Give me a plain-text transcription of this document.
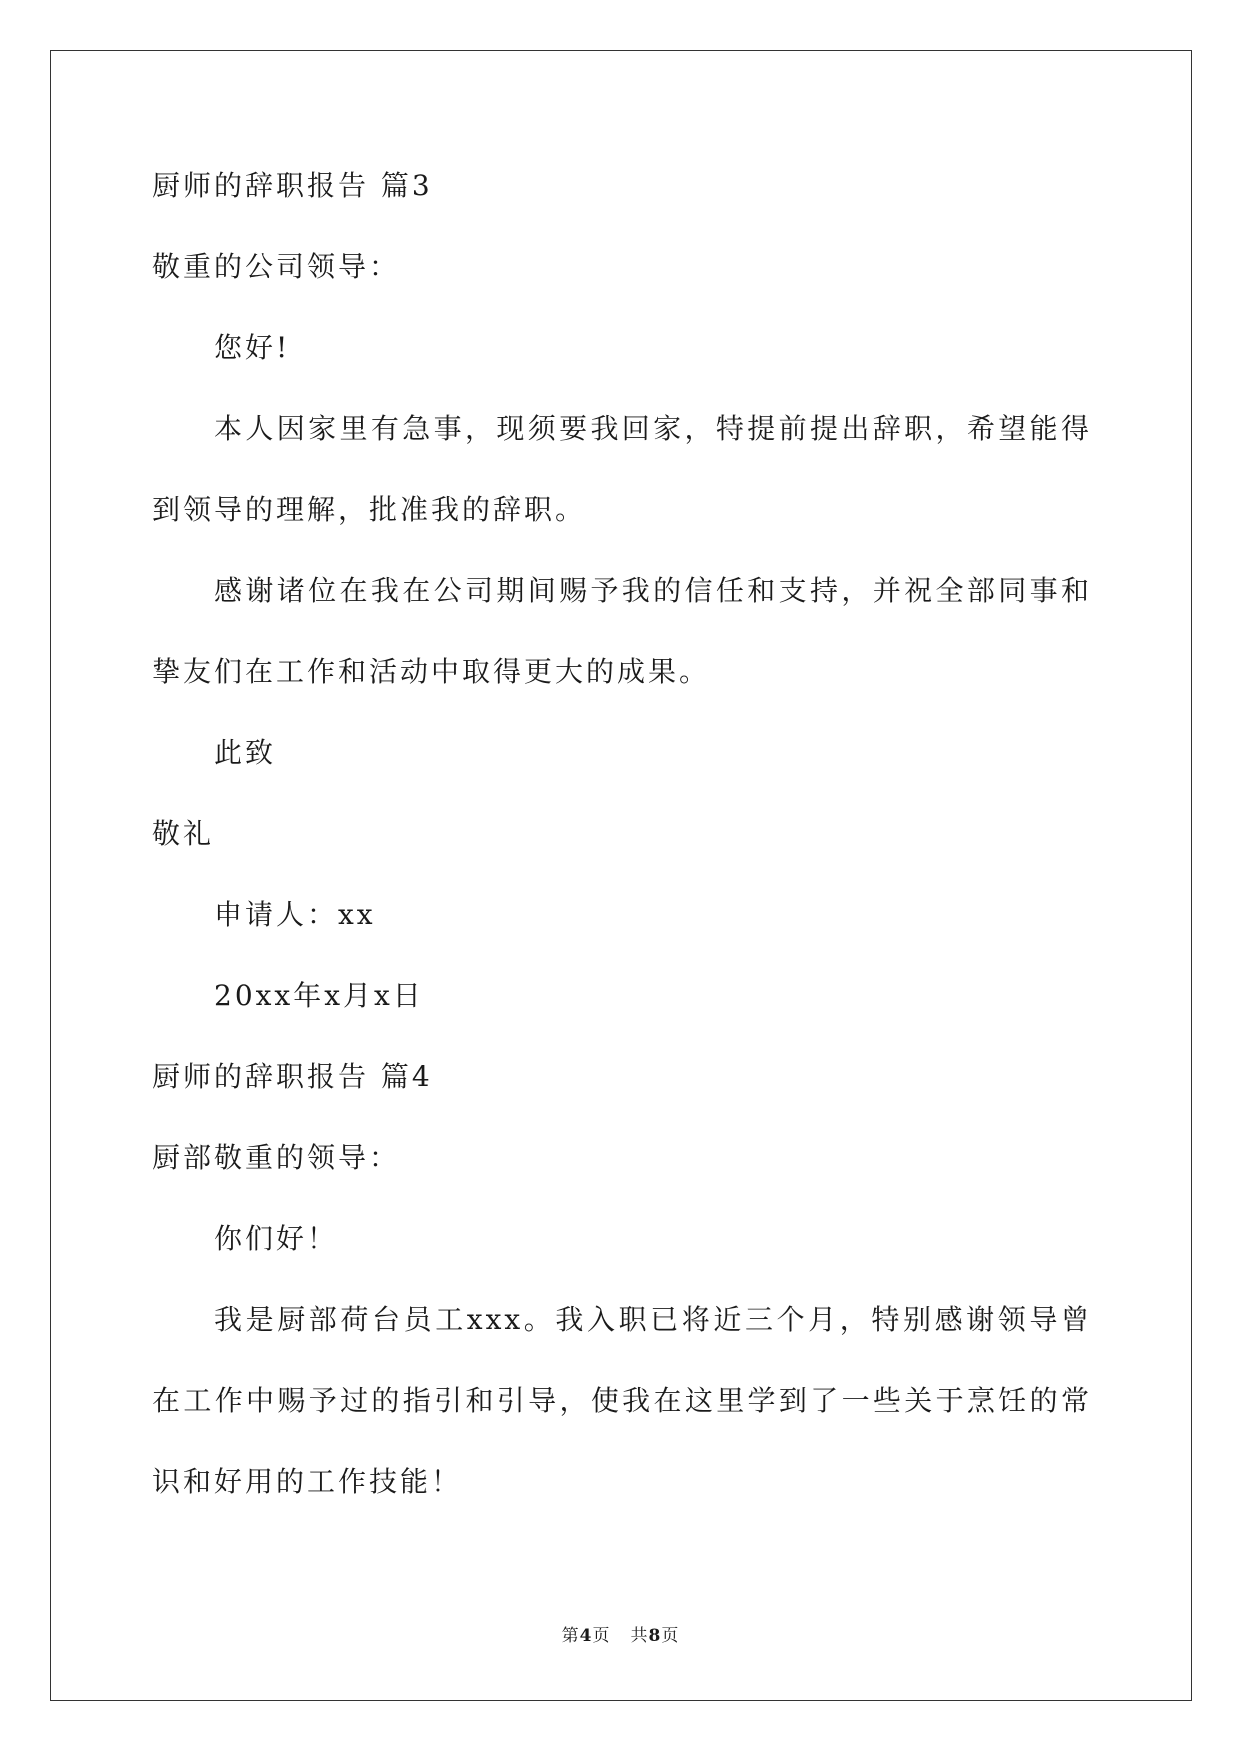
厨师的辞职报告 篇3
敬重的公司领导：
您好!
本人因家里有急事，现须要我回家，特提前提出辞职，希望能得到领导的理解，批准我的辞职。
感谢诸位在我在公司期间赐予我的信任和支持，并祝全部同事和挚友们在工作和活动中取得更大的成果。
此致
敬礼
申请人：xx
20xx年x月x日
厨师的辞职报告 篇4
厨部敬重的领导：
你们好！
我是厨部荷台员工xxx。我入职已将近三个月，特别感谢领导曾在工作中赐予过的指引和引导，使我在这里学到了一些关于烹饪的常识和好用的工作技能！
第4页 共8页
